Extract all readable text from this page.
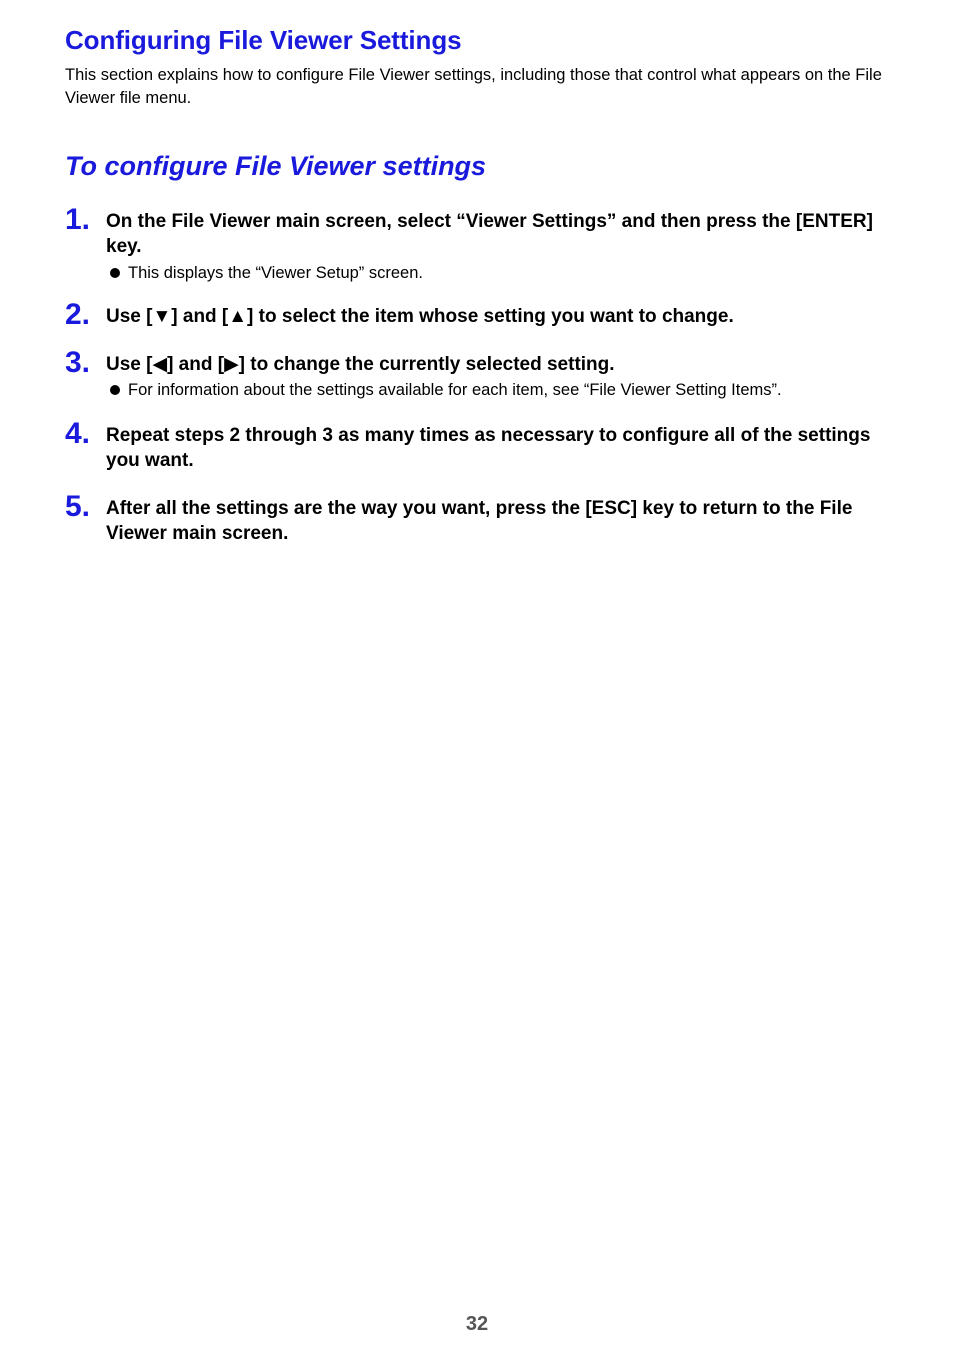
Configuring File Viewer Settings

This section explains how to configure File Viewer settings, including those that control what appears on the File Viewer file menu.

To configure File Viewer settings
1. On the File Viewer main screen, select “Viewer Settings” and then press the [ENTER] key.
This displays the “Viewer Setup” screen.
2. Use [▼] and [▲] to select the item whose setting you want to change.
3. Use [◀] and [▶] to change the currently selected setting.
For information about the settings available for each item, see “File Viewer Setting Items”.
4. Repeat steps 2 through 3 as many times as necessary to configure all of the settings you want.
5. After all the settings are the way you want, press the [ESC] key to return to the File Viewer main screen.
32
